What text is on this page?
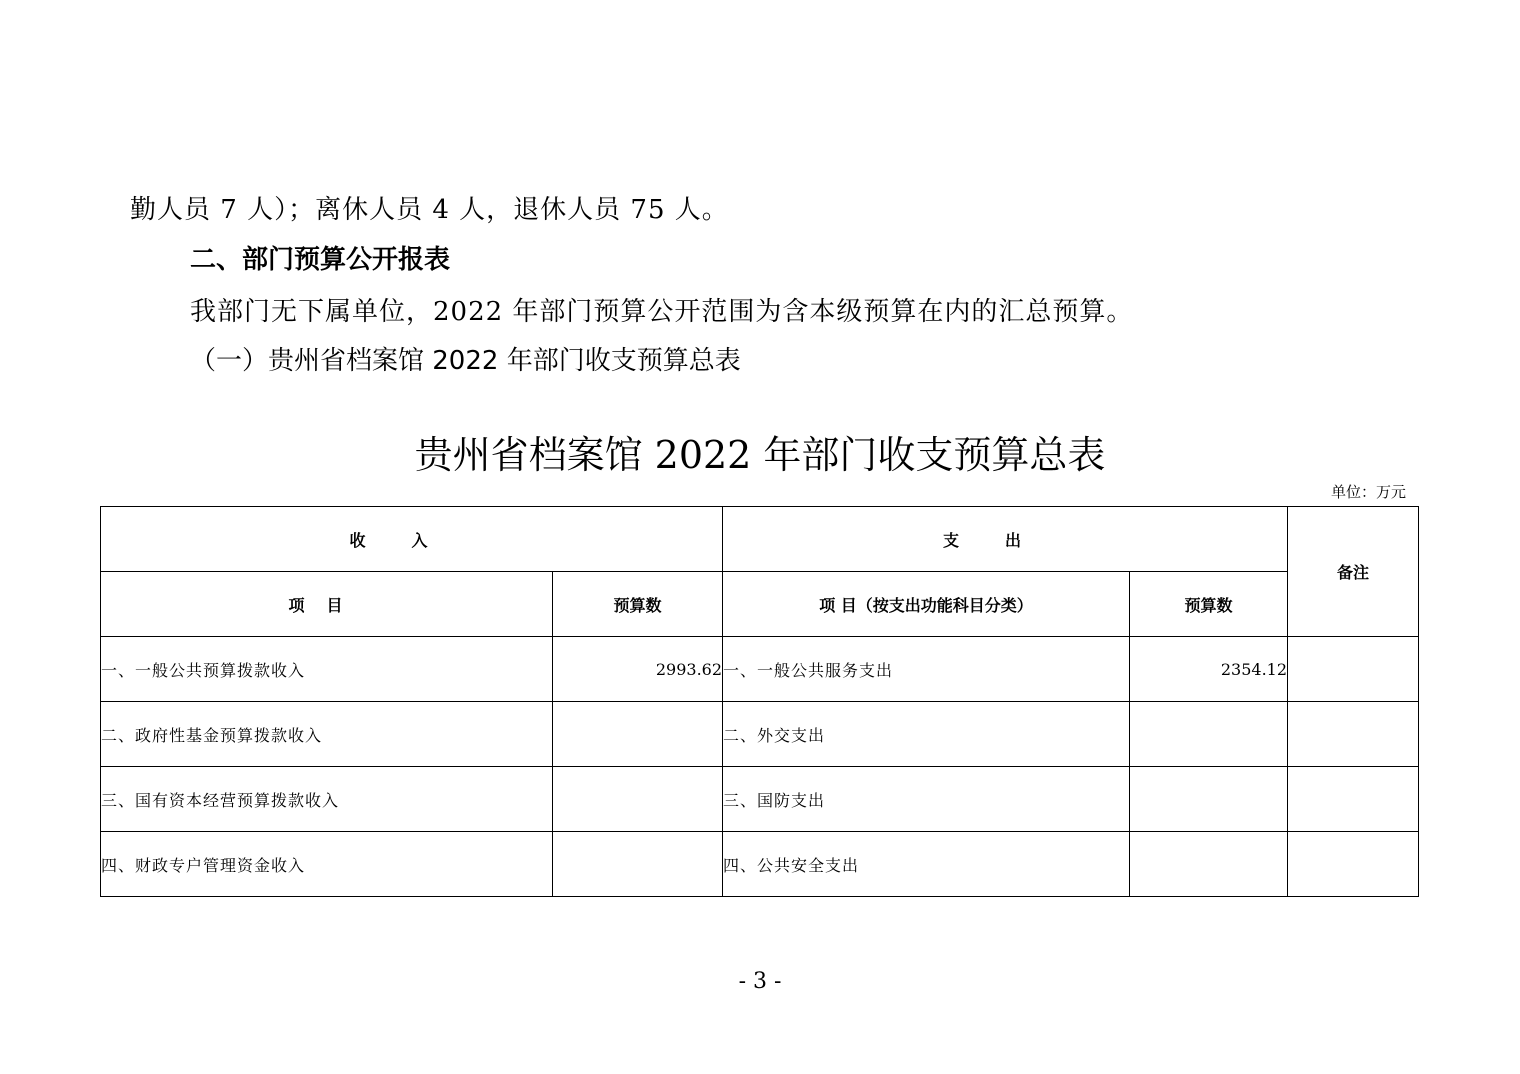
勤人员 7 人）；离休人员 4 人，退休人员 75 人。
二、部门预算公开报表
我部门无下属单位，2022 年部门预算公开范围为含本级预算在内的汇总预算。
（一）贵州省档案馆 2022 年部门收支预算总表
贵州省档案馆 2022 年部门收支预算总表
单位：万元
收入		支出		备注
项目	预算数	项 目（按支出功能科目分类）	预算数	
一、一般公共预算拨款收入	2993.62	一、一般公共服务支出	2354.12	
二、政府性基金预算拨款收入		二、外交支出		
三、国有资本经营预算拨款收入		三、国防支出		
四、财政专户管理资金收入		四、公共安全支出		
- 3 -
